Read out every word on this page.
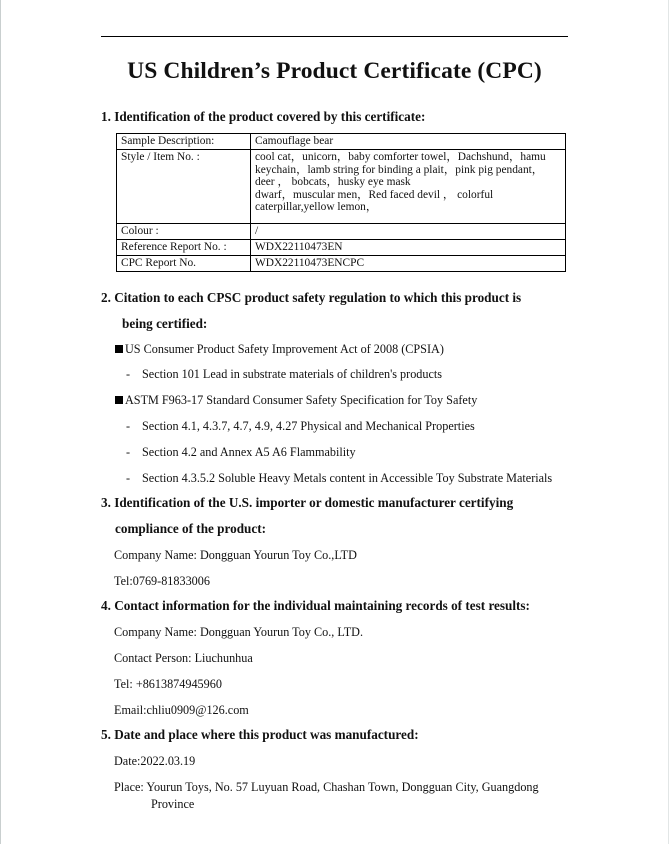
US Children’s Product Certificate (CPC)
1. Identification of the product covered by this certificate:
Sample Description:	Camouflage bear
Style / Item No. :	cool cat，unicorn，baby comforter towel，Dachshund，hamu
keychain，lamb string for binding a plait，pink pig pendant，
deer ， bobcats，husky eye mask
dwarf，muscular men，Red faced devil ， colorful
caterpillar,yellow lemon，

Colour :	/
Reference Report No. :	WDX22110473EN
CPC Report No.	WDX22110473ENCPC
2. Citation to each CPSC product safety regulation to which this product is
being certified:
US Consumer Product Safety Improvement Act of 2008 (CPSIA)
- Section 101 Lead in substrate materials of children's products
ASTM F963-17 Standard Consumer Safety Specification for Toy Safety
- Section 4.1, 4.3.7, 4.7, 4.9, 4.27 Physical and Mechanical Properties
- Section 4.2 and Annex A5 A6 Flammability
- Section 4.3.5.2 Soluble Heavy Metals content in Accessible Toy Substrate Materials
3. Identification of the U.S. importer or domestic manufacturer certifying
compliance of the product:
Company Name: Dongguan Yourun Toy Co.,LTD
Tel:0769-81833006
4. Contact information for the individual maintaining records of test results:
Company Name: Dongguan Yourun Toy Co., LTD.
Contact Person: Liuchunhua
Tel: +8613874945960
Email:chliu0909@126.com
5. Date and place where this product was manufactured:
Date:2022.03.19
Place: Yourun Toys, No. 57 Luyuan Road, Chashan Town, Dongguan City, Guangdong
Province
